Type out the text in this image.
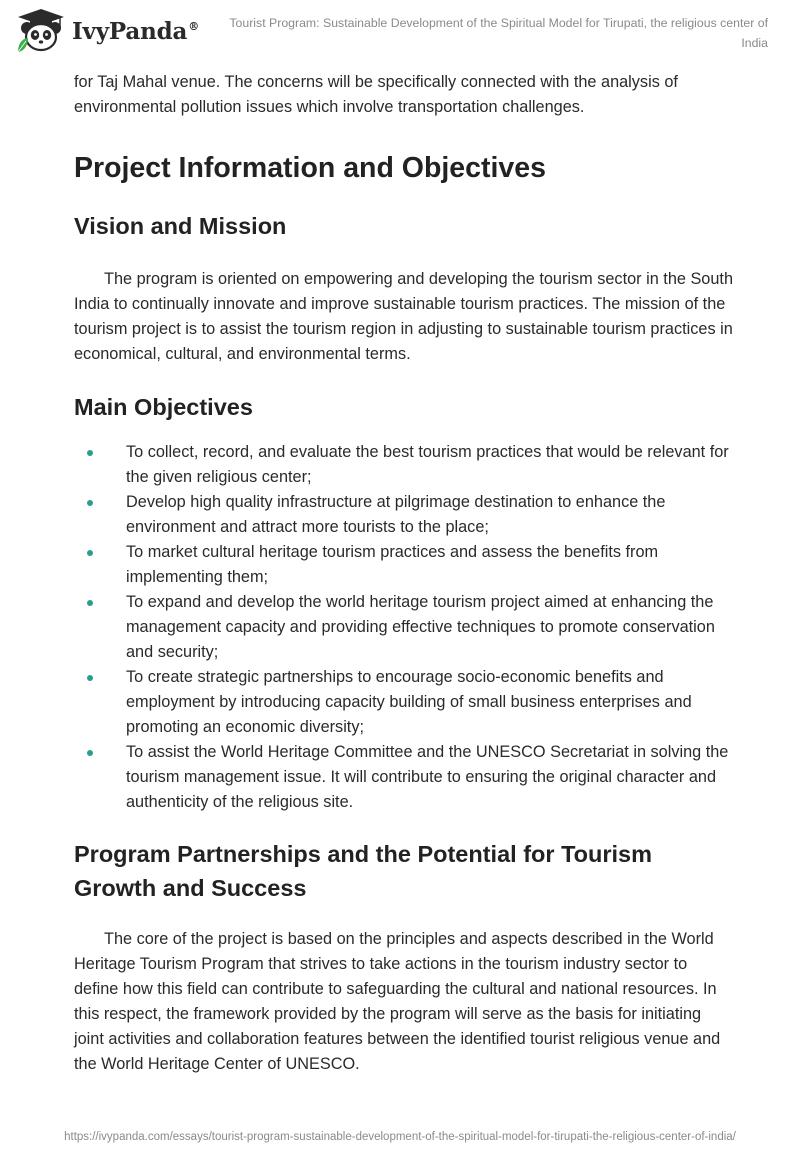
IvyPanda®	Tourist Program: Sustainable Development of the Spiritual Model for Tirupati, the religious center of India

for Taj Mahal venue. The concerns will be specifically connected with the analysis of environmental pollution issues which involve transportation challenges.

Project Information and Objectives
Vision and Mission

The program is oriented on empowering and developing the tourism sector in the South India to continually innovate and improve sustainable tourism practices. The mission of the tourism project is to assist the tourism region in adjusting to sustainable tourism practices in economical, cultural, and environmental terms.

Main Objectives
To collect, record, and evaluate the best tourism practices that would be relevant for the given religious center;
Develop high quality infrastructure at pilgrimage destination to enhance the environment and attract more tourists to the place;
To market cultural heritage tourism practices and assess the benefits from implementing them;
To expand and develop the world heritage tourism project aimed at enhancing the management capacity and providing effective techniques to promote conservation and security;
To create strategic partnerships to encourage socio-economic benefits and employment by introducing capacity building of small business enterprises and promoting an economic diversity;
To assist the World Heritage Committee and the UNESCO Secretariat in solving the tourism management issue. It will contribute to ensuring the original character and authenticity of the religious site.
Program Partnerships and the Potential for Tourism Growth and Success

The core of the project is based on the principles and aspects described in the World Heritage Tourism Program that strives to take actions in the tourism industry sector to define how this field can contribute to safeguarding the cultural and national resources. In this respect, the framework provided by the program will serve as the basis for initiating joint activities and collaboration features between the identified tourist religious venue and the World Heritage Center of UNESCO.

https://ivypanda.com/essays/tourist-program-sustainable-development-of-the-spiritual-model-for-tirupati-the-religious-center-of-india/
